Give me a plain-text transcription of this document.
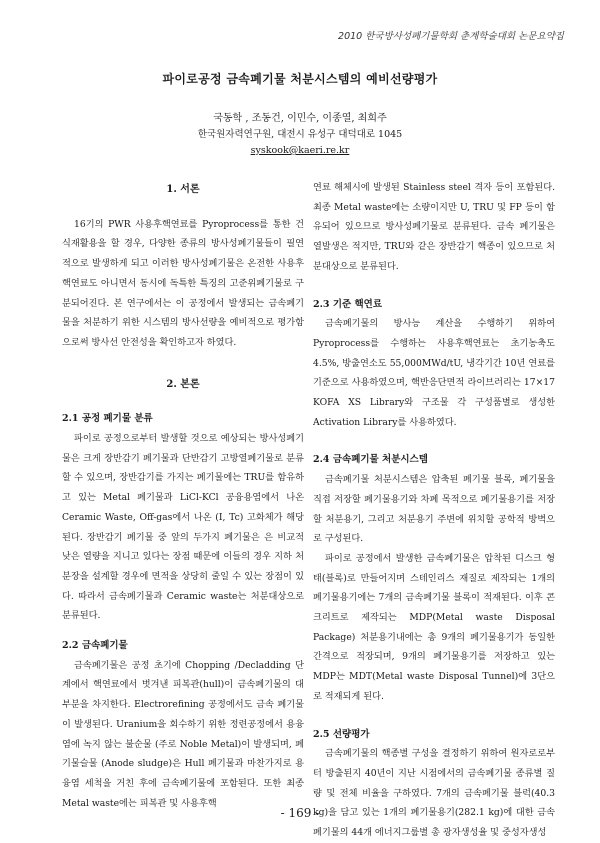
2010 한국방사성폐기물학회 춘계학술대회 논문요약집
파이로공정 금속폐기물 처분시스템의 예비선량평가
국동학 , 조동건, 이민수, 이종열, 최희주
한국원자력연구원, 대전시 유성구 대덕대로 1045
syskook@kaeri.re.kr
1. 서론

16기의 PWR 사용후핵연료를 Pyroprocess를 통한 건식재활용을 할 경우, 다양한 종류의 방사성폐기물들이 필연적으로 발생하게 되고 이러한 방사성폐기물은 온전한 사용후핵연료도 아니면서 동시에 독특한 특징의 고준위폐기물로 구분되어진다. 본 연구에서는 이 공정에서 발생되는 금속폐기물을 처분하기 위한 시스템의 방사선량을 예비적으로 평가함으로써 방사선 안전성을 확인하고자 하였다.

2. 본론
2.1 공정 폐기물 분류

파이로 공정으로부터 발생할 것으로 예상되는 방사성폐기물은 크게 장반감기 폐기물과 단반감기 고방열폐기물로 분류할 수 있으며, 장반감기를 가지는 폐기물에는 TRU를 함유하고 있는 Metal 폐기물과 LiCl-KCl 공융용염에서 나온 Ceramic Waste, Off-gas에서 나온 (I, Tc) 고화체가 해당된다. 장반감기 폐기물 중 앞의 두가지 폐기물은 은 비교적 낮은 열량을 지니고 있다는 장점 때문에 이들의 경우 지하 처분장을 설계할 경우에 면적을 상당히 줄일 수 있는 장점이 있다. 따라서 금속폐기물과 Ceramic waste는 처분대상으로 분류된다.

2.2 금속폐기물

금속폐기물은 공정 초기에 Chopping /Decladding 단계에서 핵연료에서 벗겨낸 피복관(hull)이 금속폐기물의 대부분을 차지한다. Electrorefining 공정에서도 금속 폐기물이 발생된다. Uranium을 회수하기 위한 정련공정에서 용융염에 녹지 않는 불순물 (주로 Noble Metal)이 발생되며, 폐기물슬물 (Anode sludge)은 Hull 폐기물과 마찬가지로 용융염 세척을 거친 후에 금속폐기물에 포함된다. 또한 최종 Metal waste에는 피복관 및 사용후핵

연료 해체시에 발생된 Stainless steel 격자 등이 포함된다. 최종 Metal waste에는 소량이지만 U, TRU 및 FP 등이 함유되어 있으므로 방사성폐기물로 분류된다. 금속 폐기물은 열발생은 적지만, TRU와 같은 장반감기 핵종이 있으므로 처분대상으로 분류된다.

2.3 기준 핵연료

금속폐기물의 방사능 계산을 수행하기 위하여 Pyroprocess를 수행하는 사용후핵연료는 초기농축도 4.5%, 방출연소도 55,000MWd/tU, 냉각기간 10년 연료를 기준으로 사용하였으며, 핵반응단면적 라이브러리는 17×17 KOFA XS Library와 구조물 각 구성품별로 생성한 Activation Library를 사용하였다.

2.4 금속폐기물 처분시스템

금속폐기물 처분시스템은 압축된 폐기물 블록, 폐기물을 직접 저장할 폐기물용기와 차폐 목적으로 폐기물용기를 저장할 처분용기, 그리고 처분용기 주변에 위치할 공학적 방벽으로 구성된다.

파이로 공정에서 발생한 금속폐기물은 압착된 디스크 형태(블록)로 만들어지며 스테인리스 재질로 제작되는 1개의 폐기물용기에는 7개의 금속폐기물 블록이 적재된다. 이후 콘크리트로 제작되는 MDP(Metal waste Disposal Package) 처분용기내에는 총 9개의 폐기물용기가 동일한 간격으로 적장되며, 9개의 폐기물용기를 저장하고 있는 MDP는 MDT(Metal waste Disposal Tunnel)에 3단으로 적재되게 된다.

2.5 선량평가

금속폐기물의 핵종별 구성을 결정하기 위하여 원자로로부터 방출된지 40년이 지난 시점에서의 금속폐기물 종류별 질량 및 전체 비율을 구하였다. 7개의 금속폐기물 블럭(40.3 kg)을 담고 있는 1개의 폐기물용기(282.1 kg)에 대한 금속폐기물의 44개 에너지그룹별 총 광자생성율 및 중성자생성

- 169 -
